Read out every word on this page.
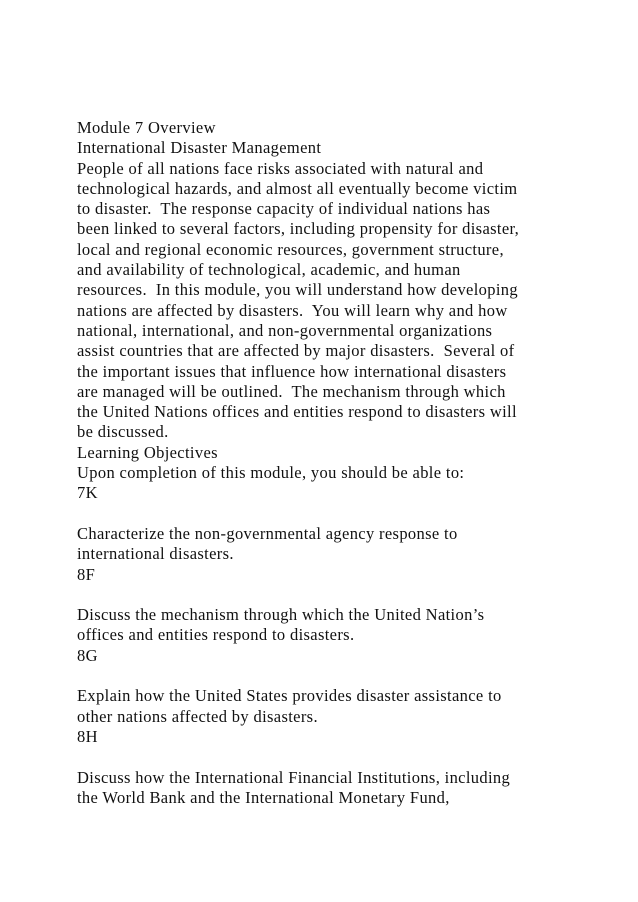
Module 7 Overview
International Disaster Management
People of all nations face risks associated with natural and
technological hazards, and almost all eventually become victim
to disaster.  The response capacity of individual nations has
been linked to several factors, including propensity for disaster,
local and regional economic resources, government structure,
and availability of technological, academic, and human
resources.  In this module, you will understand how developing
nations are affected by disasters.  You will learn why and how
national, international, and non-governmental organizations
assist countries that are affected by major disasters.  Several of
the important issues that influence how international disasters
are managed will be outlined.  The mechanism through which
the United Nations offices and entities respond to disasters will
be discussed.
Learning Objectives
Upon completion of this module, you should be able to:
7K
Characterize the non-governmental agency response to
international disasters.
8F
Discuss the mechanism through which the United Nation’s
offices and entities respond to disasters.
8G
Explain how the United States provides disaster assistance to
other nations affected by disasters.
8H
Discuss how the International Financial Institutions, including
the World Bank and the International Monetary Fund,
